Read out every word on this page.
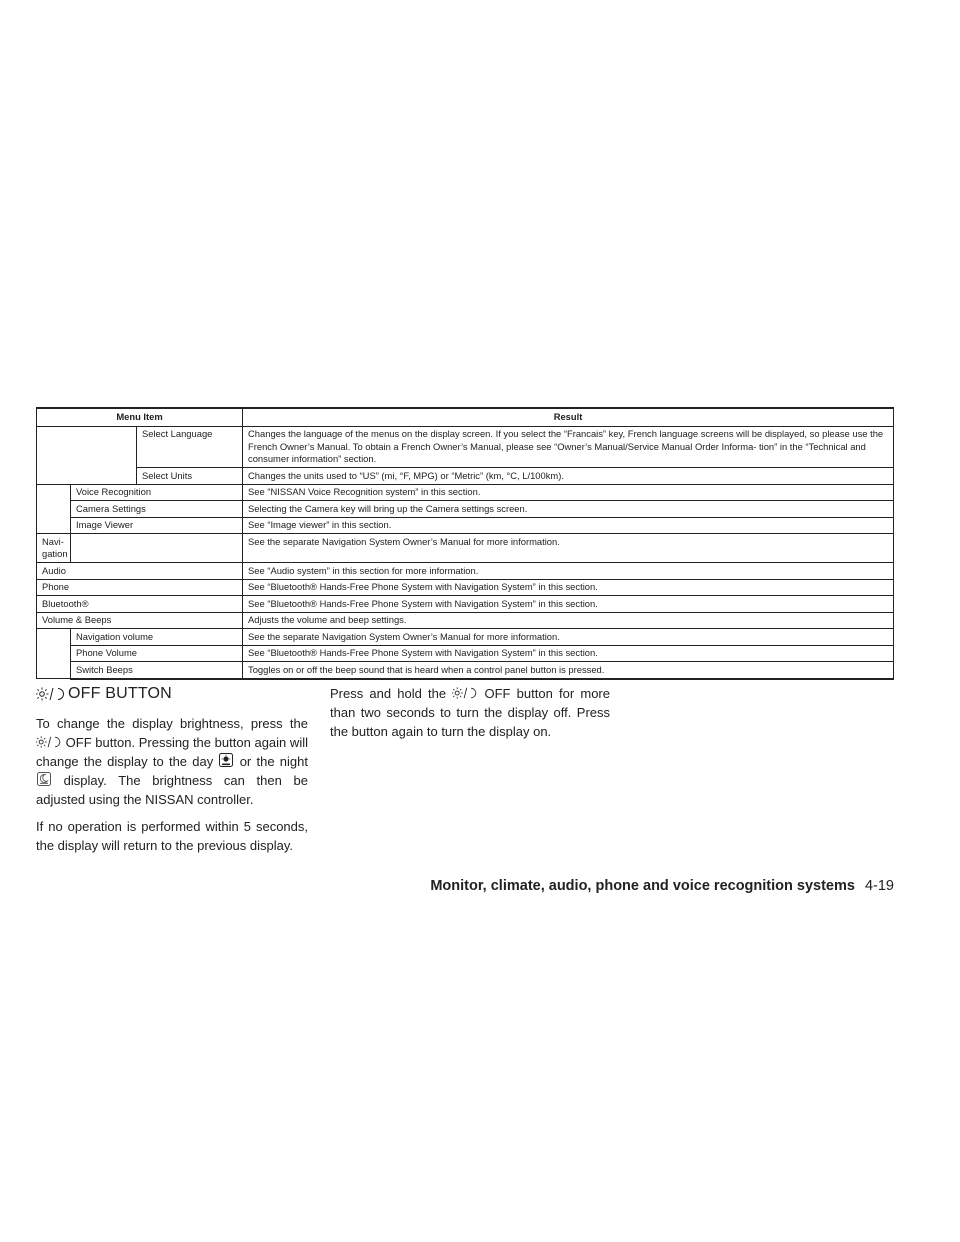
Menu Item			Result
		Select Language	Changes the language of the menus on the display screen. If you select the “Francais” key, French language screens will be displayed, so please use the French Owner’s Manual. To obtain a French Owner’s Manual, please see “Owner’s Manual/Service Manual Order Informa- tion” in the “Technical and consumer information” section.
		Select Units	Changes the units used to “US” (mi, °F, MPG) or “Metric” (km, °C, L/100km).
	Voice Recognition		See “NISSAN Voice Recognition system” in this section.
	Camera Settings		Selecting the Camera key will bring up the Camera settings screen.
	Image Viewer		See “Image viewer” in this section.
Navi- gation			See the separate Navigation System Owner’s Manual for more information.
Audio			See “Audio system” in this section for more information.
Phone			See “Bluetooth® Hands-Free Phone System with Navigation System” in this section.
Bluetooth®			See “Bluetooth® Hands-Free Phone System with Navigation System” in this section.
Volume & Beeps			Adjusts the volume and beep settings.
	Navigation volume		See the separate Navigation System Owner’s Manual for more information.
	Phone Volume		See “Bluetooth® Hands-Free Phone System with Navigation System” in this section.
	Switch Beeps		Toggles on or off the beep sound that is heard when a control panel button is pressed.
OFF BUTTON

To change the display brightness, press the
OFF button. Pressing the button again will change the display to the day or the night
display. The brightness can then be adjusted using the NISSAN controller.

If no operation is performed within 5 seconds, the display will return to the previous display.

Press and hold the	OFF button for more than two seconds to turn the display off. Press the button again to turn the display on.

Monitor, climate, audio, phone and voice recognition systems 4-19
